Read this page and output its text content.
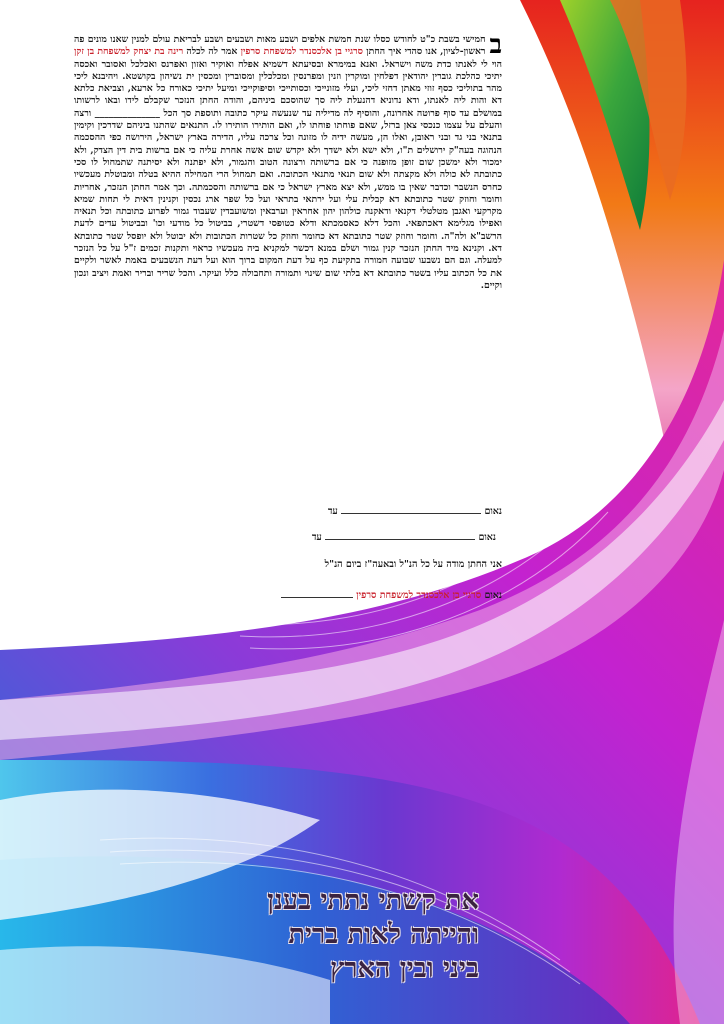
ב
חמישי בשבת כ"ט לחודש כסלו שנת חמשת אלפים ושבע מאות ושבעים ושבע לבריאת עולם למנין שאנו מונים פה ראשון-לציון, אנו סהדי איך החתן סרגיי בן אלכסנדר למשפחת סרפין אמר לה לכלה רינה בת יצחק למשפחת בן זקן הוי לי לאנתו כדת משה וישראל. ואנא במימרא ובסיעתא דשמיא אפלח ואוקיר ואזון ואפרנס ואכלכל ואסובר ואכסה יתיכי כהלכת גוברין יהודאין דפלחין ומוקרין וזנין ומפרנסין ומכלכלין ומסוברין ומכסין ית נשיהון בקושטא. ויהיבנא ליכי מהר בתוליכי כסף זוזי מאתן דחזי ליכי, ועלי מזונייכי וכסותייכי וסיפוקייכי ומיעל יתיכי כאורח כל ארעא, וצביאת כלתא דא והות ליה לאנתו, ודא נדוניא דהנעלת ליה סך שהוסכם ביניהם, והודה החתן הנזכר שקבלם לידו ובאו לרשותו במושלם עד סוף פרוטה אחרונה, והוסיף לה מדיליה עד שנעשה עיקר כתובה ותוספת סך הכל ______________ ורצה והעלם על עצמו כנכסי צאן ברזל, שאם פוחתו פוחתו לו, ואם הותירו הותירו לו. התנאים שהתנו ביניהם שדרכין וקימין בתנאי בני גד ובני ראובן, ואלו הן, מעשה ידיה לו מזונה וכל צרכה עליו, הדירה בארץ ישראל, הירושה כפי ההסכמה הנהוגה בעה"ק ירושלים ת"ו, ולא ישא ולא ישדך ולא יקדש שום אשה אחרת עליה כי אם ברשות בית דין הצדק, ולא ימכור ולא ימשכן שום זופן מזופנה כי אם ברשותה ורצונה הטוב והגמור, ולא יפתנה ולא יסיתנה שתמחול לו סכי כתובתה לא כולה ולא מקצתה ולא שום תנאי מתנאי הכתובה. ואם תמחול הרי המחילה ההיא בטלה ומבוטלת מעכשיו כחרס הנשבר וכדבר שאין בו ממש, ולא יצא מארץ ישראל כי אם ברשותה והסכמתה. וכך אמר החתן הנזכר, אחריות וחומר וחוזק שטר כתובתא דא קבלית עלי ועל ירתאי בתראי ועל כל שפר ארג נכסין וקנינין דאית לי תחות שמיא מקרקעי ואגבן מטלטלי דקנאי ודאקנה כולהון יהון אחראין וערבאין ומשועבדין שעבוד גמור לפרוע כתובתה וכל תנאיה ואפילו מגלימא דאכתפאי. והכל דלא כאסמכתא ודלא כטופסי דשטרי, בביטול כל מודעי וכו' ובביטול עדים לדעת הרשב"א ולה"ה. וחומר וחוזק שטר כתובתא דא כחומר וחוזק כל שטרות הכתובות ולא יבוטל ולא יופסל שטר כתובתא דא. וקנינא מיד החתן הנזכר קנין גמור ושלם במנא דכשר למקניא ביה מעכשיו כראוי ותקנות זכמים ז"ל על כל הנזכר למעלה. וגם הם נשבעו שבועה חמורה בתקיעת כף על דעת המקום ברוך הוא ועל דעת הנשבעים באמת לאשר ולקיים את כל הכתוב עליו בשטר כתובתא דא בלתי שום שינוי ותמורה ותחבולה כלל ועיקר. והכל שריר ובריר ואמת ויציב ונכון וקיים.
נאום  עד
נאום  עד
אני החתן מודה על כל הנ"ל ובאעה"ז ביום הנ"ל
נאום סרגיי בן אלכסנדר למשפחת סרפין
את קשתי נתתי בענן
והייתה לאות ברית
ביני ובין הארץ
